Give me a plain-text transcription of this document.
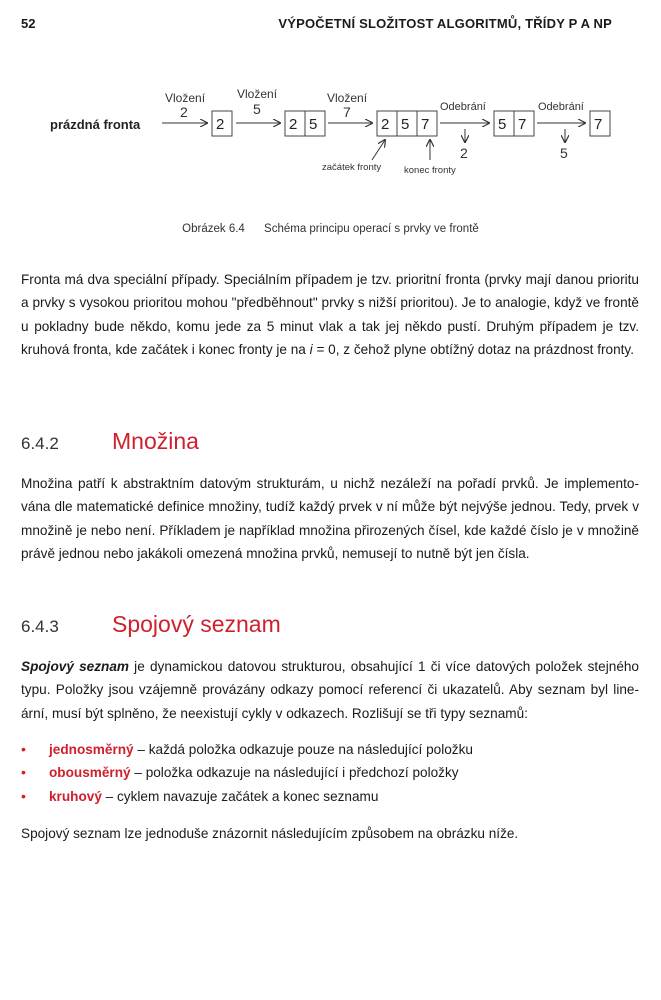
52	VÝPOČETNÍ SLOŽITOST ALGORITMŮ, TŘÍDY P A NP
prázdná fronta
Vložení
2
2
Vložení
5
2 5
Vložení
7
2 5 7
začátek fronty konec fronty
Odebrání
2
5 7
Odebrání
5
7
Obrázek 6.4 Schéma principu operací s prvky ve frontě
Fronta má dva speciální případy. Speciálním případem je tzv. prioritní fronta (prvky mají danou prioritu a prvky s vysokou prioritou mohou "předběhnout" prvky s nižší prioritou). Je to analogie, když ve frontě u pokladny bude někdo, komu jede za 5 minut vlak a tak jej někdo pustí. Druhým případem je tzv. kruhová fronta, kde začátek i konec fronty je na i = 0, z čehož plyne obtížný dotaz na prázdnost fronty.
6.4.2 Množina
Množina patří k abstraktním datovým strukturám, u nichž nezáleží na pořadí prvků. Je implementována dle matematické definice množiny, tudíž každý prvek v ní může být nejvýše jednou. Tedy, prvek v množině je nebo není. Příkladem je například množina přirozených čísel, kde každé číslo je v množině právě jednou nebo jakákoli omezená množina prvků, nemusejí to nutně být jen čísla.
6.4.3 Spojový seznam
Spojový seznam je dynamickou datovou strukturou, obsahující 1 či více datových položek stejného typu. Položky jsou vzájemně provázány odkazy pomocí referencí či ukazatelů. Aby seznam byl lineární, musí být splněno, že neexistují cykly v odkazech. Rozlišují se tři typy seznamů:
• jednosměrný – každá položka odkazuje pouze na následující položku
• obousměrný – položka odkazuje na následující i předchozí položky
• kruhový – cyklem navazuje začátek a konec seznamu
Spojový seznam lze jednoduše znázornit následujícím způsobem na obrázku níže.
